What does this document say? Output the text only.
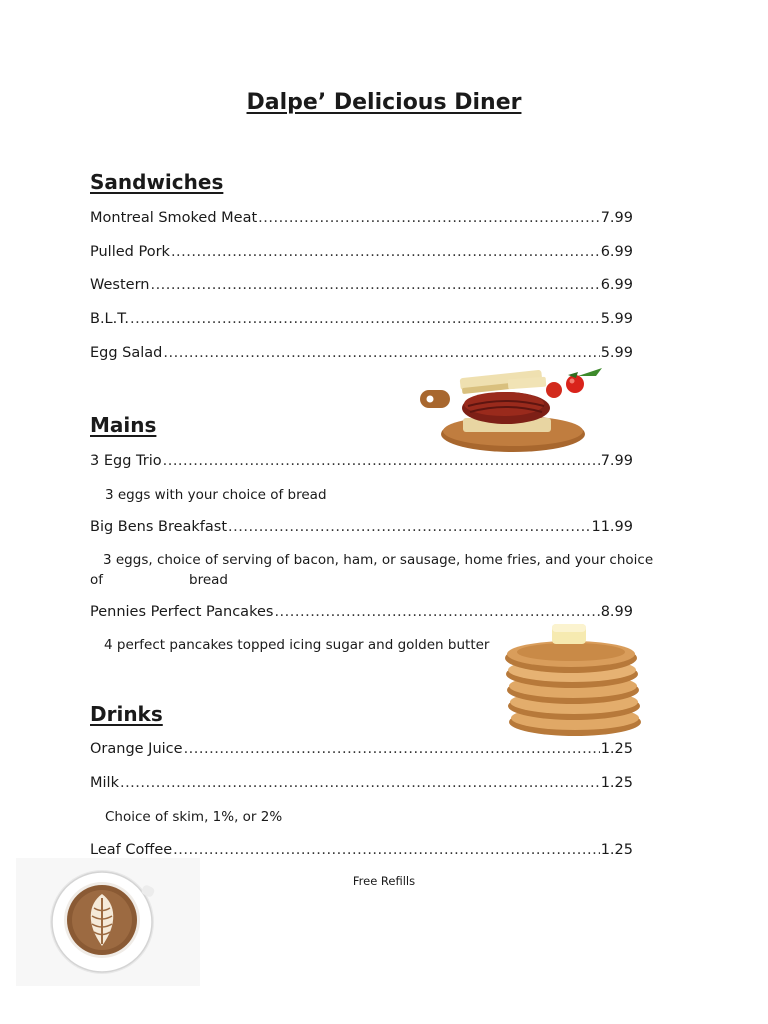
Dalpe’ Delicious Diner
Sandwiches
Montreal Smoked Meat .....	7.99
Pulled Pork .....	6.99
Western .....	6.99
B.L.T. .....	5.99
Egg Salad .....	5.99
Mains
3 Egg Trio .....	7.99
3 eggs with your choice of bread
Big Bens Breakfast .....	11.99
3 eggs, choice of serving of bacon, ham, or sausage, home fries, and your choice
of	bread
Pennies Perfect Pancakes .....	8.99
4 perfect pancakes topped icing sugar and golden butter
Drinks
Orange Juice .....	1.25
Milk .....	1.25
Choice of skim, 1%, or 2%
Leaf Coffee .....	1.25
Free Refills
